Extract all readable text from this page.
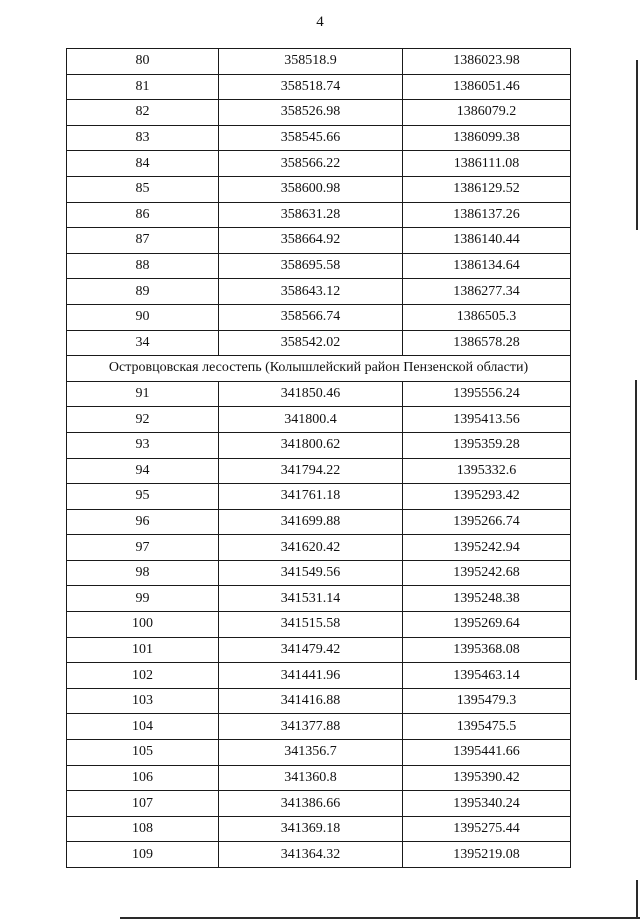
4
80	358518.9	1386023.98
81	358518.74	1386051.46
82	358526.98	1386079.2
83	358545.66	1386099.38
84	358566.22	1386111.08
85	358600.98	1386129.52
86	358631.28	1386137.26
87	358664.92	1386140.44
88	358695.58	1386134.64
89	358643.12	1386277.34
90	358566.74	1386505.3
34	358542.02	1386578.28
Островцовская лесостепь (Колышлейский район Пензенской области)		
91	341850.46	1395556.24
92	341800.4	1395413.56
93	341800.62	1395359.28
94	341794.22	1395332.6
95	341761.18	1395293.42
96	341699.88	1395266.74
97	341620.42	1395242.94
98	341549.56	1395242.68
99	341531.14	1395248.38
100	341515.58	1395269.64
101	341479.42	1395368.08
102	341441.96	1395463.14
103	341416.88	1395479.3
104	341377.88	1395475.5
105	341356.7	1395441.66
106	341360.8	1395390.42
107	341386.66	1395340.24
108	341369.18	1395275.44
109	341364.32	1395219.08
